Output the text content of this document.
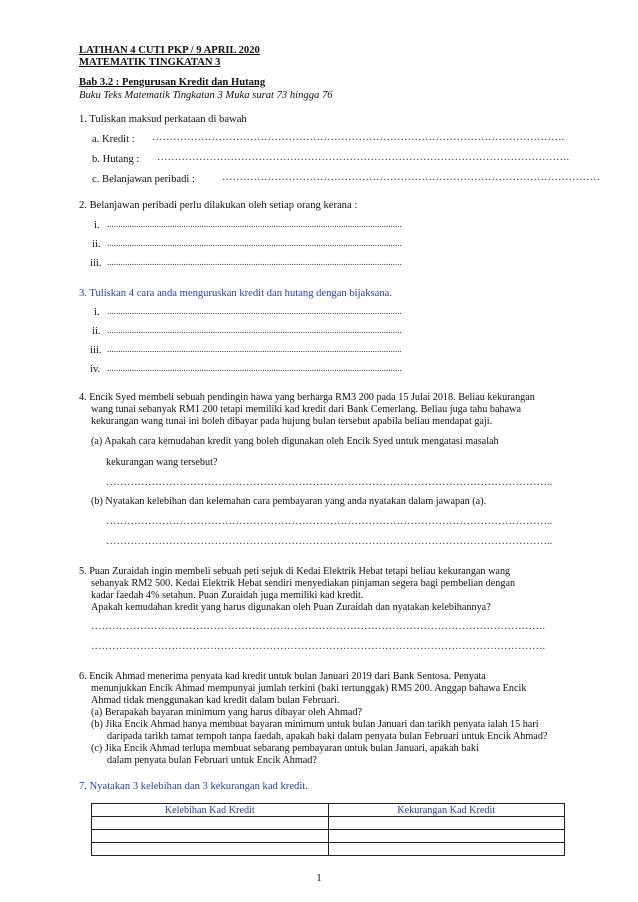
LATIHAN 4 CUTI PKP / 9 APRIL 2020
MATEMATIK TINGKATAN 3
Bab 3.2 : Pengurusan Kredit dan Hutang
Buku Teks Matematik Tingkatan 3 Muka surat 73 hingga 76
1. Tuliskan maksud perkataan di bawah
a. Kredit : ……………………………………………………………………………………………………….
b. Hutang : ……………………………………………………………………………………………………….
c. Belanjawan peribadi :	………………………………………………………………………………………………
2. Belanjawan peribadi perlu dilakukan oleh setiap orang kerana :
i. ...................................................................................................................................
ii. ...................................................................................................................................
iii. ...................................................................................................................................
3. Tuliskan 4 cara anda menguruskan kredit dan hutang dengan bijaksana.
i. ...................................................................................................................................
ii. ...................................................................................................................................
iii. ...................................................................................................................................
iv. ...................................................................................................................................
4. Encik Syed membeli sebuah pendingin hawa yang berharga RM3 200 pada 15 Julai 2018. Beliau kekurangan
wang tunai sebanyak RM1 200 tetapi memiliki kad kredit dari Bank Cemerlang. Beliau juga tahu bahawa
kekurangan wang tunai ini boleh dibayar pada hujung bulan tersebut apabila beliau mendapat gaji.
(a) Apakah cara kemudahan kredit yang boleh digunakan oleh Encik Syed untuk mengatasi masalah
kekurangan wang tersebut?
………………………………………………………………………………………………………………..
(b) Nyatakan kelebihan dan kelemahan cara pembayaran yang anda nyatakan dalam jawapan (a).
………………………………………………………………………………………………………………..
………………………………………………………………………………………………………………..
5. Puan Zuraidah ingin membeli sebuah peti sejuk di Kedai Elektrik Hebat tetapi beliau kekurangan wang
sebanyak RM2 500. Kedai Elektrik Hebat sendiri menyediakan pinjaman segera bagi pembelian dengan
kadar faedah 4% setahun. Puan Zuraidah juga memiliki kad kredit.
Apakah kemudahan kredit yang harus digunakan oleh Puan Zuraidah dan nyatakan kelebihannya?
………………………………………………………………………………………………………………….
………………………………………………………………………………………………………………….
6. Encik Ahmad menerima penyata kad kredit untuk bulan Januari 2019 dari Bank Sentosa. Penyata
menunjukkan Encik Ahmad mempunyai jumlah terkini (baki tertunggak) RM5 200. Anggap bahawa Encik
Ahmad tidak menggunakan kad kredit dalam bulan Februari.
(a) Berapakah bayaran minimum yang harus dibayar oleh Ahmad?
(b) Jika Encik Ahmad hanya membuat bayaran minimum untuk bulan Januari dan tarikh penyata ialah 15 hari
daripada tarikh tamat tempoh tanpa faedah, apakah baki dalam penyata bulan Februari untuk Encik Ahmad?
(c) Jika Encik Ahmad terlupa membuat sebarang pembayaran untuk bulan Januari, apakah baki
dalam penyata bulan Februari untuk Encik Ahmad?
7. Nyatakan 3 kelebihan dan 3 kekurangan kad kredit.
Kelebihan Kad Kredit	Kekurangan Kad Kredit

1
